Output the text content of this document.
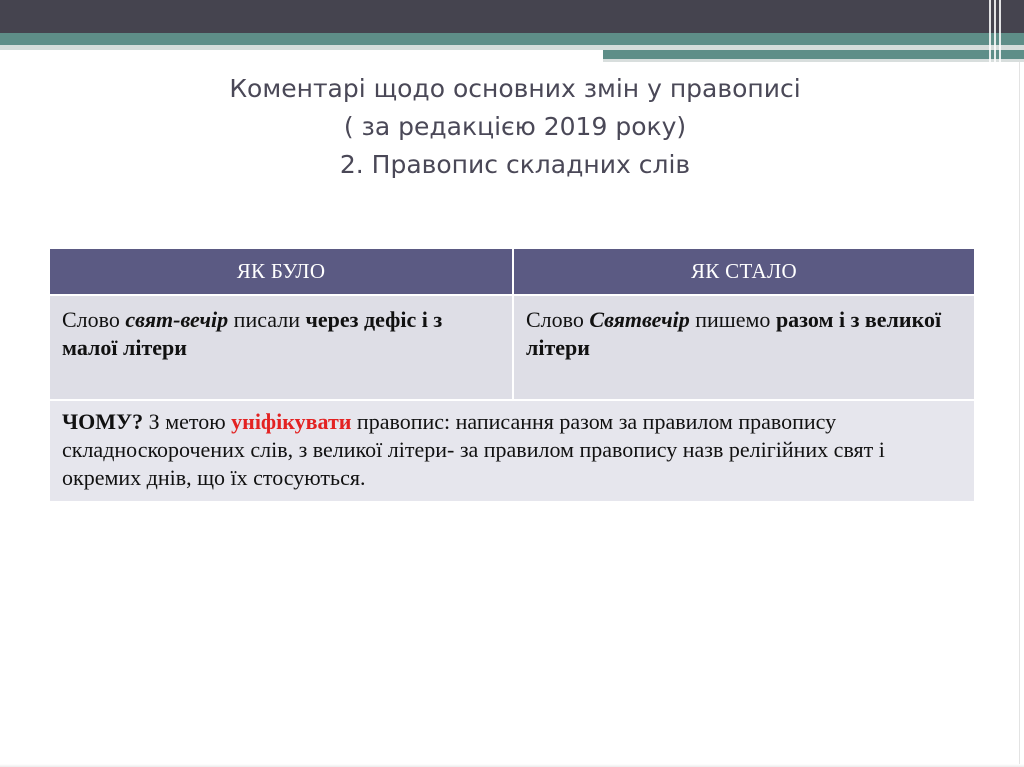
Коментарі щодо основних змін у правописі
( за редакцією 2019 року)
2. Правопис складних слів
ЯК БУЛО	ЯК СТАЛО
Слово свят-вечір писали через дефіс і з малої літери	Слово Святвечір пишемо разом і з великої літери
ЧОМУ? З метою уніфікувати правопис: написання разом за правилом правопису складноскорочених слів, з великої літери- за правилом правопису назв релігійних свят і окремих днів, що їх стосуються.	
